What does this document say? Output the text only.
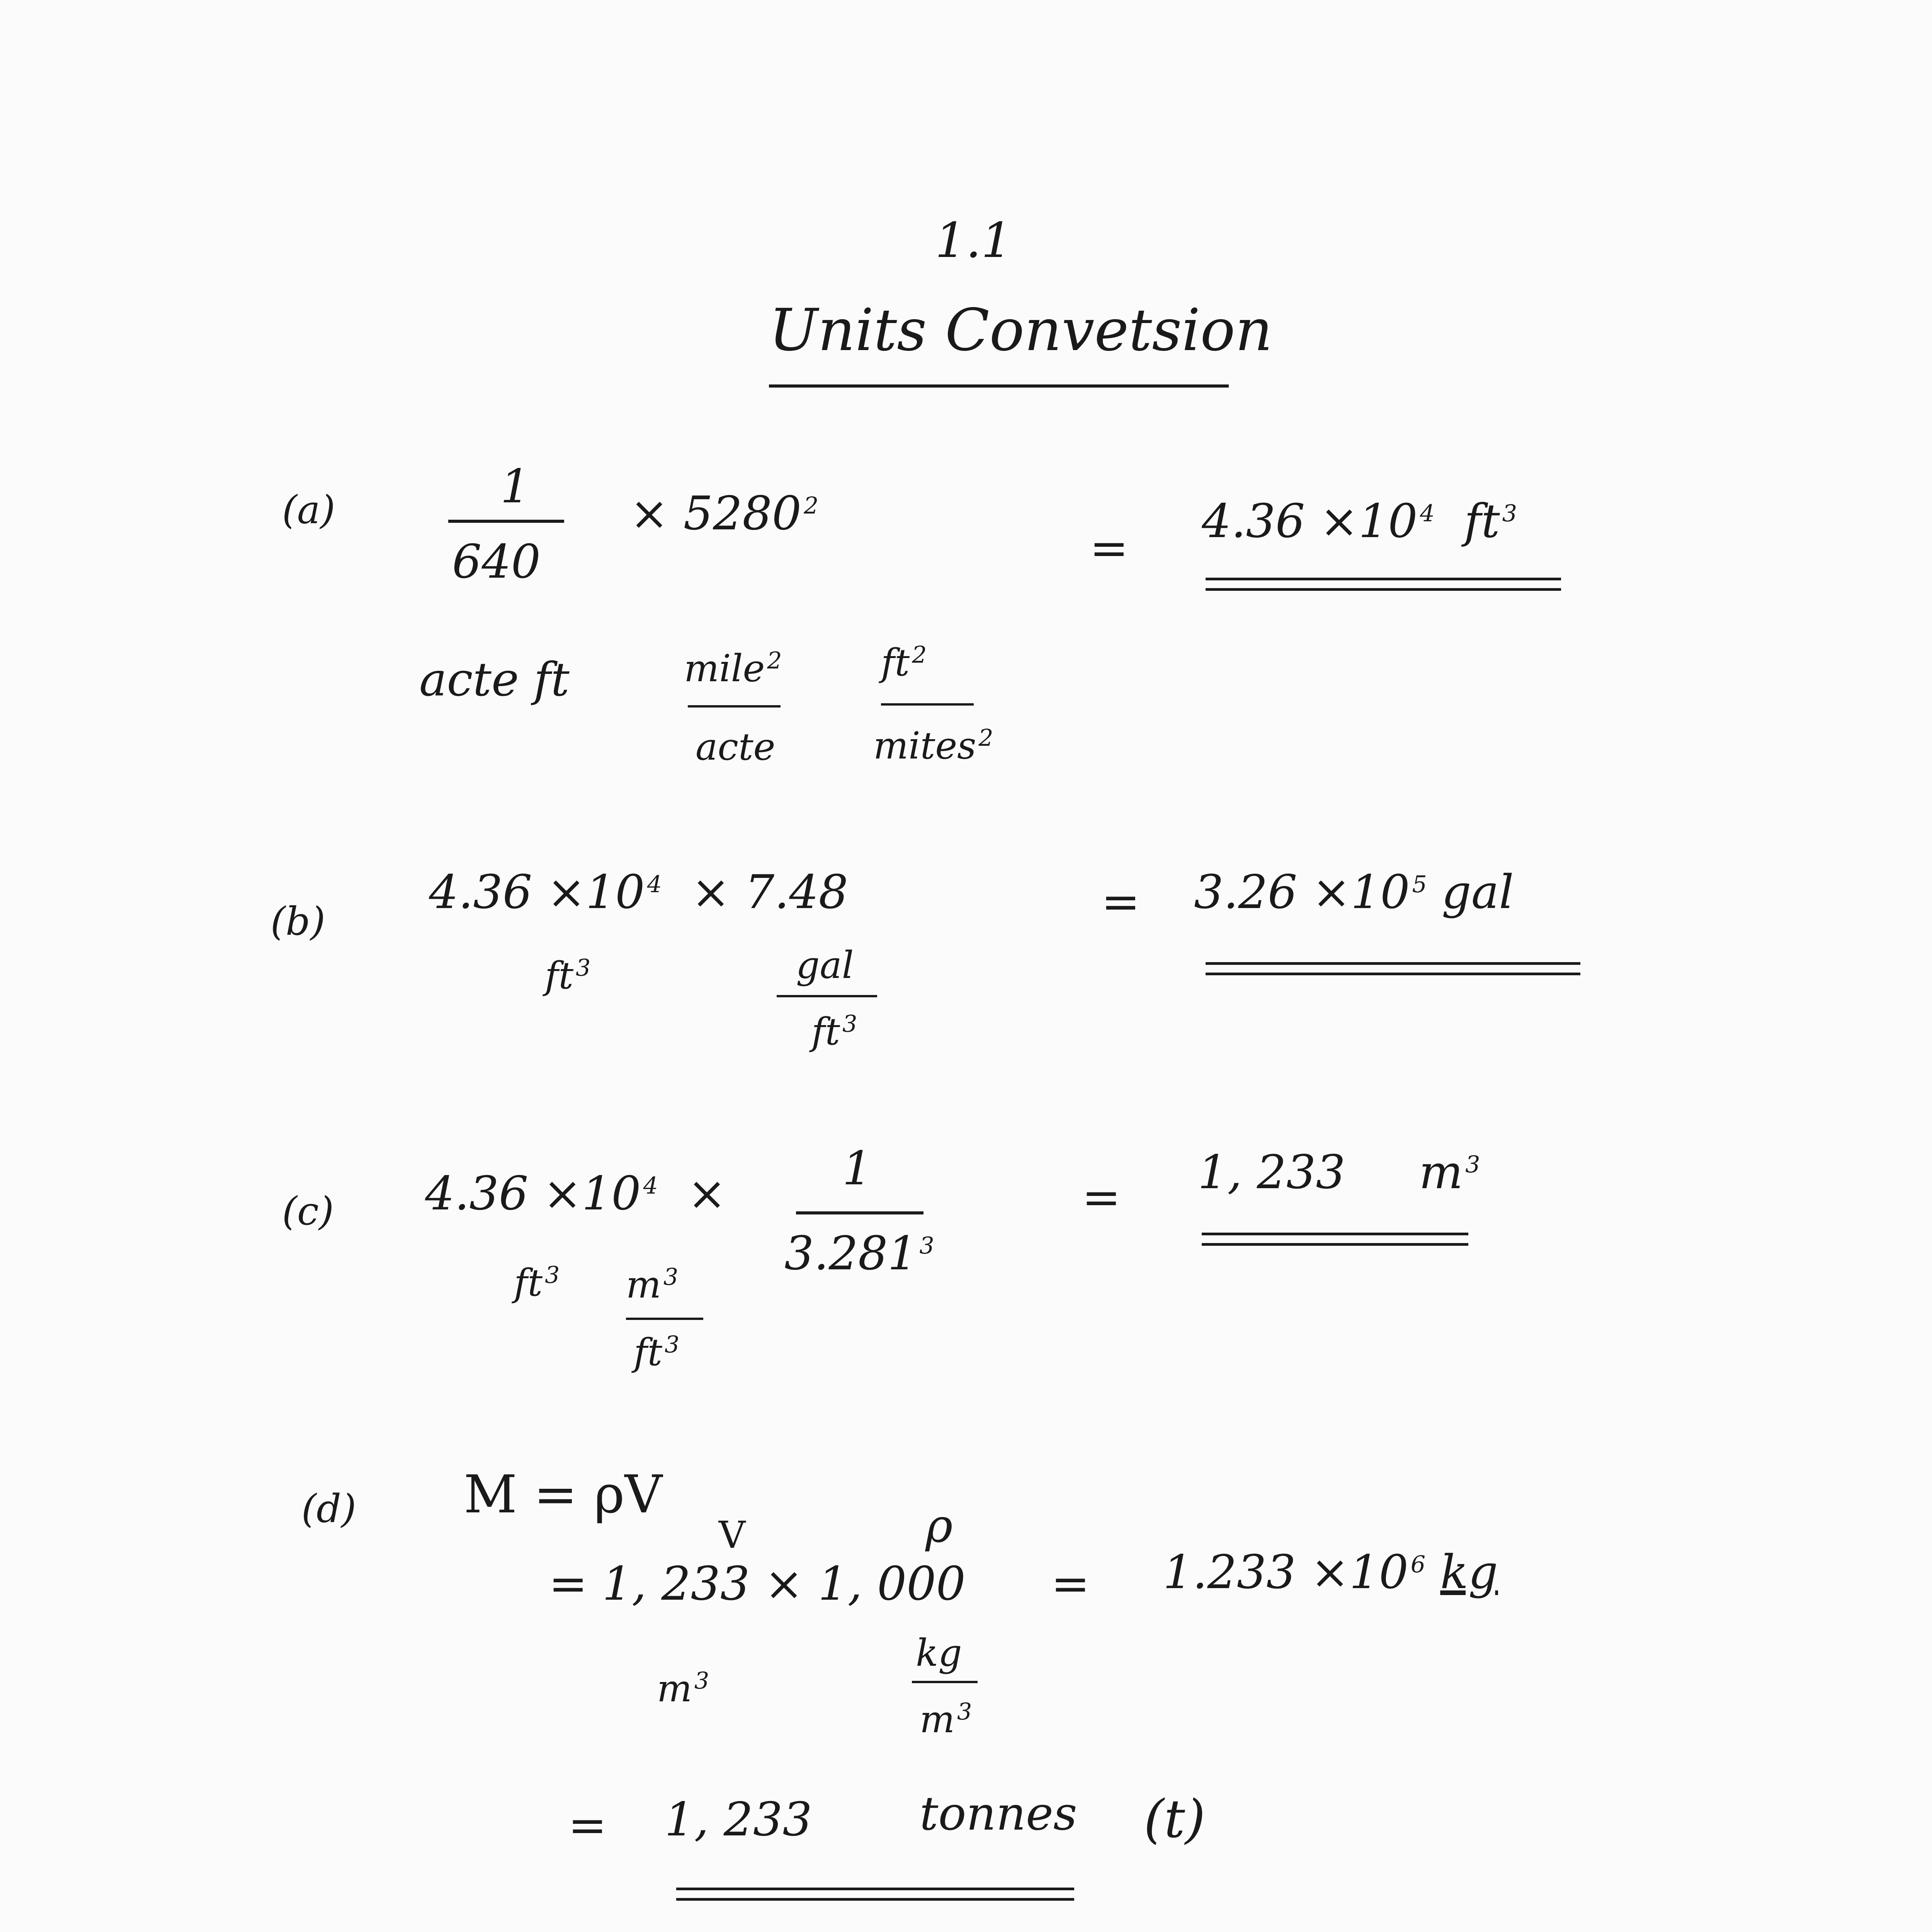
1.1
Units Convetsion
(a)	1
640
× 5280 $^2$
=
4.36 ×10 $^4$ ft $^3$
acte ft	mile $^2$
acte
ft $^2$
mites $^2$
(b)
4.36 ×10 $^4$ × 7.48	= 3.26 ×10 $^5$ gal
ft $^3$	gal
ft $^3$
(c) 4.36 ×10 $^4$ ×	1
3.281 $^3$
= 1, 233 m $^3$
ft $^3$ m $^3$
ft $^3$
(d) M = ρV
V	ρ
= 1, 233 × 1, 000 = 1.233 ×10 $^6$ kg
m $^3$
kg
m $^3$
= 1, 233 tonnes (t)
